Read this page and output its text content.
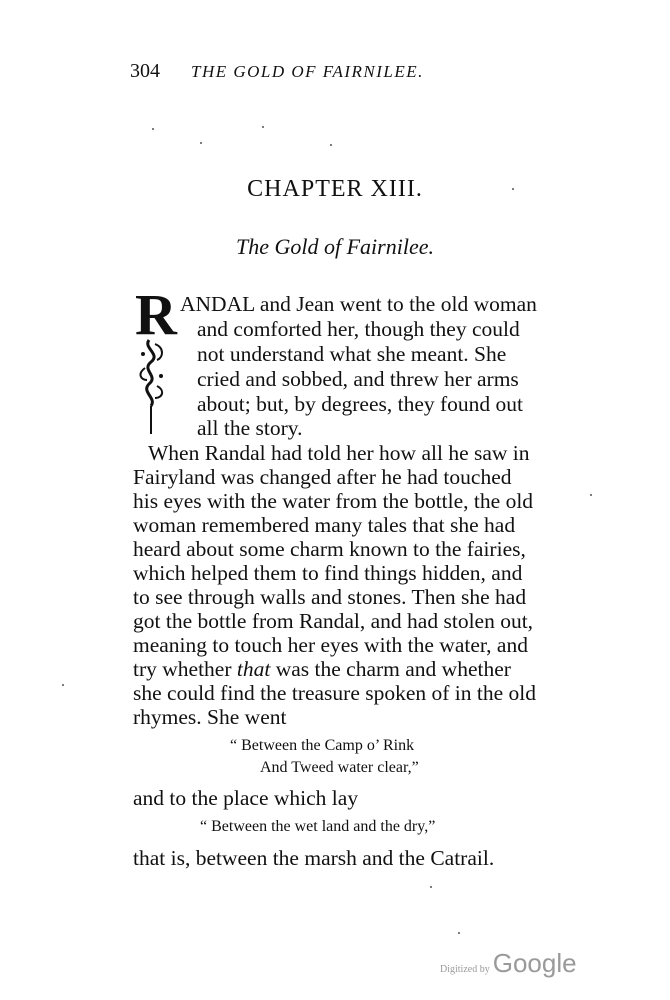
304 THE GOLD OF FAIRNILEE.
CHAPTER XIII.
The Gold of Fairnilee.
R ANDAL and Jean went to the old woman
and comforted her, though they could
not understand what she meant. She
cried and sobbed, and threw her arms
about; but, by degrees, they found out
all the story.
When Randal had told her how all he saw in
Fairyland was changed after he had touched
his eyes with the water from the bottle, the old
woman remembered many tales that she had
heard about some charm known to the fairies,
which helped them to find things hidden, and
to see through walls and stones. Then she had
got the bottle from Randal, and had stolen out,
meaning to touch her eyes with the water, and
try whether that was the charm and whether
she could find the treasure spoken of in the old
rhymes. She went
“ Between the Camp o’ Rink
And Tweed water clear,”
and to the place which lay
“ Between the wet land and the dry,”
that is, between the marsh and the Catrail.
Digitized by Google
